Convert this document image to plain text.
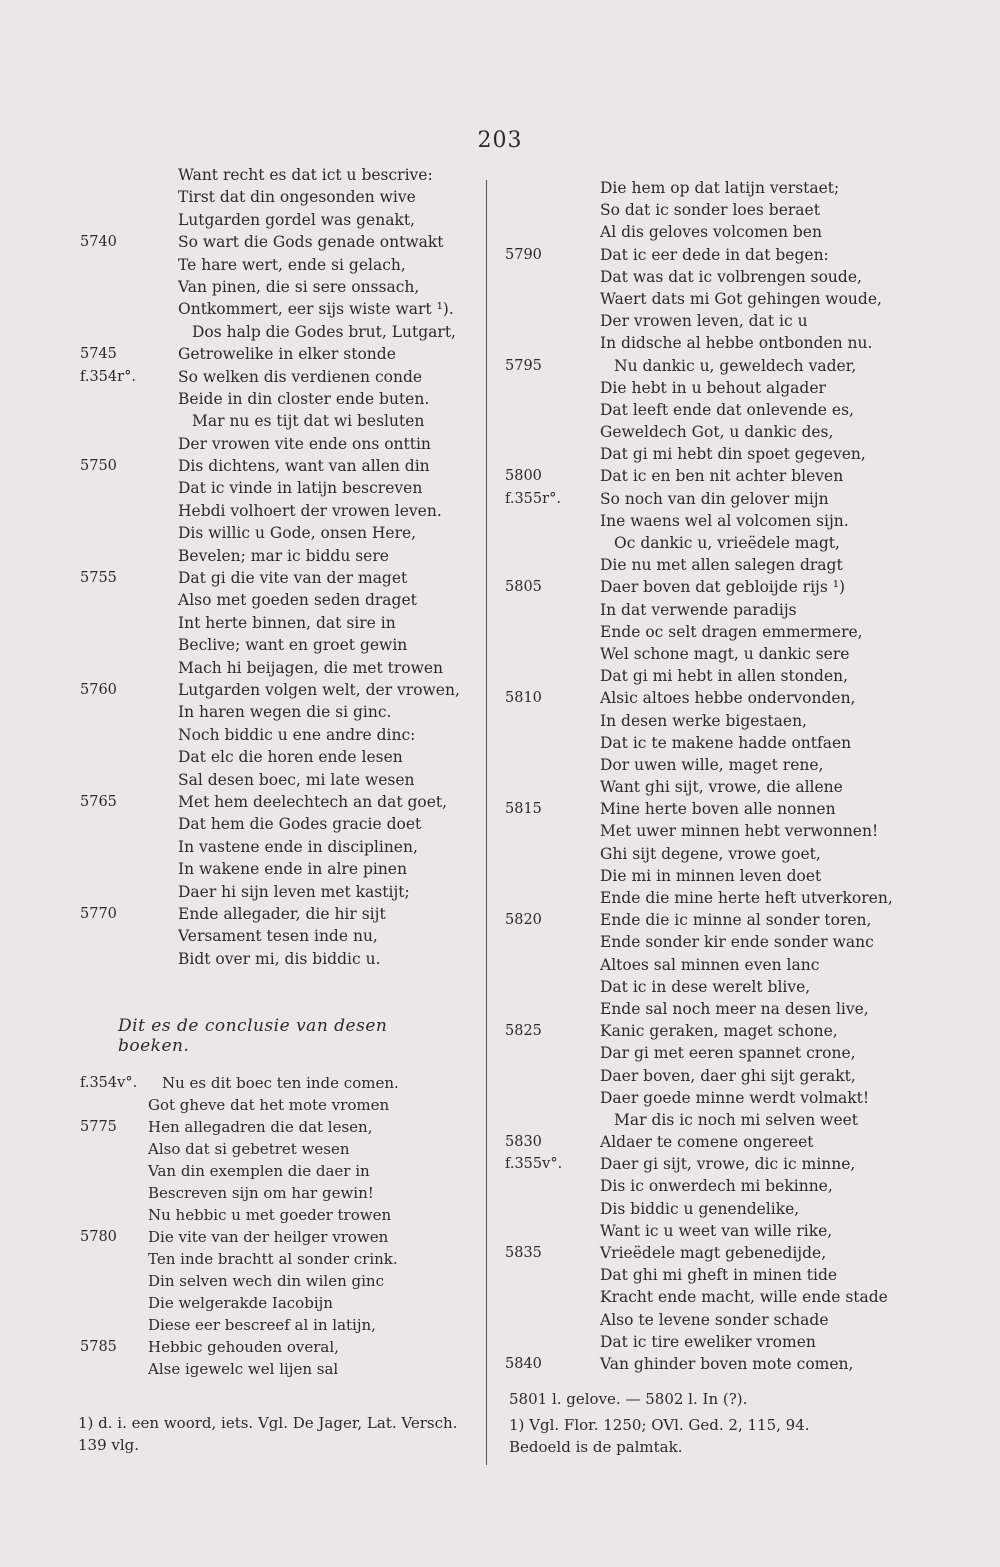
203
Want recht es dat ict u bescrive:
Tirst dat din ongesonden wive
Lutgarden gordel was genakt,
5740	So wart die Gods genade ontwakt
Te hare wert, ende si gelach,
Van pinen, die si sere onssach,
Ontkommert, eer sijs wiste wart ¹).
Dos halp die Godes brut, Lutgart,
5745	Getrowelike in elker stonde
f.354r°.	So welken dis verdienen conde
Beide in din closter ende buten.
Mar nu es tijt dat wi besluten
Der vrowen vite ende ons onttin
5750	Dis dichtens, want van allen din
Dat ic vinde in latijn bescreven
Hebdi volhoert der vrowen leven.
Dis willic u Gode, onsen Here,
Bevelen; mar ic biddu sere
5755	Dat gi die vite van der maget
Also met goeden seden draget
Int herte binnen, dat sire in
Beclive; want en groet gewin
Mach hi beijagen, die met trowen
5760	Lutgarden volgen welt, der vrowen,
In haren wegen die si ginc.
Noch biddic u ene andre dinc:
Dat elc die horen ende lesen
Sal desen boec, mi late wesen
5765	Met hem deelechtech an dat goet,
Dat hem die Godes gracie doet
In vastene ende in disciplinen,
In wakene ende in alre pinen
Daer hi sijn leven met kastijt;
5770	Ende allegader, die hir sijt
Versament tesen inde nu,
Bidt over mi, dis biddic u.
Dit es de conclusie van desen boeken.
f.354v°.	Nu es dit boec ten inde comen.
Got gheve dat het mote vromen
5775 Hen allegadren die dat lesen,
Also dat si gebetret wesen
Van din exemplen die daer in
Bescreven sijn om har gewin!
Nu hebbic u met goeder trowen
5780 Die vite van der heilger vrowen
Ten inde brachtt al sonder crink.
Din selven wech din wilen ginc
Die welgerakde Iacobijn
Diese eer bescreef al in latijn,
5785 Hebbic gehouden overal,
Alse igewelc wel lijen sal
1) d. i. een woord, iets. Vgl. De Jager, Lat. Versch. 139 vlg.
Die hem op dat latijn verstaet;
So dat ic sonder loes beraet
Al dis geloves volcomen ben
5790	Dat ic eer dede in dat begen:
Dat was dat ic volbrengen soude,
Waert dats mi Got gehingen woude,
Der vrowen leven, dat ic u
In didsche al hebbe ontbonden nu.
5795	Nu dankic u, geweldech vader,
Die hebt in u behout algader
Dat leeft ende dat onlevende es,
Geweldech Got, u dankic des,
Dat gi mi hebt din spoet gegeven,
5800	Dat ic en ben nit achter bleven
f.355r°.	So noch van din gelover mijn
Ine waens wel al volcomen sijn.
Oc dankic u, vrieëdele magt,
Die nu met allen salegen dragt
5805	Daer boven dat gebloijde rijs ¹)
In dat verwende paradijs
Ende oc selt dragen emmermere,
Wel schone magt, u dankic sere
Dat gi mi hebt in allen stonden,
5810	Alsic altoes hebbe ondervonden,
In desen werke bigestaen,
Dat ic te makene hadde ontfaen
Dor uwen wille, maget rene,
Want ghi sijt, vrowe, die allene
5815	Mine herte boven alle nonnen
Met uwer minnen hebt verwonnen!
Ghi sijt degene, vrowe goet,
Die mi in minnen leven doet
Ende die mine herte heft utverkoren,
5820	Ende die ic minne al sonder toren,
Ende sonder kir ende sonder wanc
Altoes sal minnen even lanc
Dat ic in dese werelt blive,
Ende sal noch meer na desen live,
5825	Kanic geraken, maget schone,
Dar gi met eeren spannet crone,
Daer boven, daer ghi sijt gerakt,
Daer goede minne werdt volmakt!
Mar dis ic noch mi selven weet
5830	Aldaer te comene ongereet
f.355v°. Daer gi sijt, vrowe, dic ic minne,
Dis ic onwerdech mi bekinne,
Dis biddic u genendelike,
Want ic u weet van wille rike,
5835	Vrieëdele magt gebenedijde,
Dat ghi mi gheft in minen tide
Kracht ende macht, wille ende stade
Also te levene sonder schade
Dat ic tire eweliker vromen
5840	Van ghinder boven mote comen,
5801 l. gelove. — 5802 l. In (?).
1) Vgl. Flor. 1250; OVl. Ged. 2, 115, 94. Bedoeld is de palmtak.
